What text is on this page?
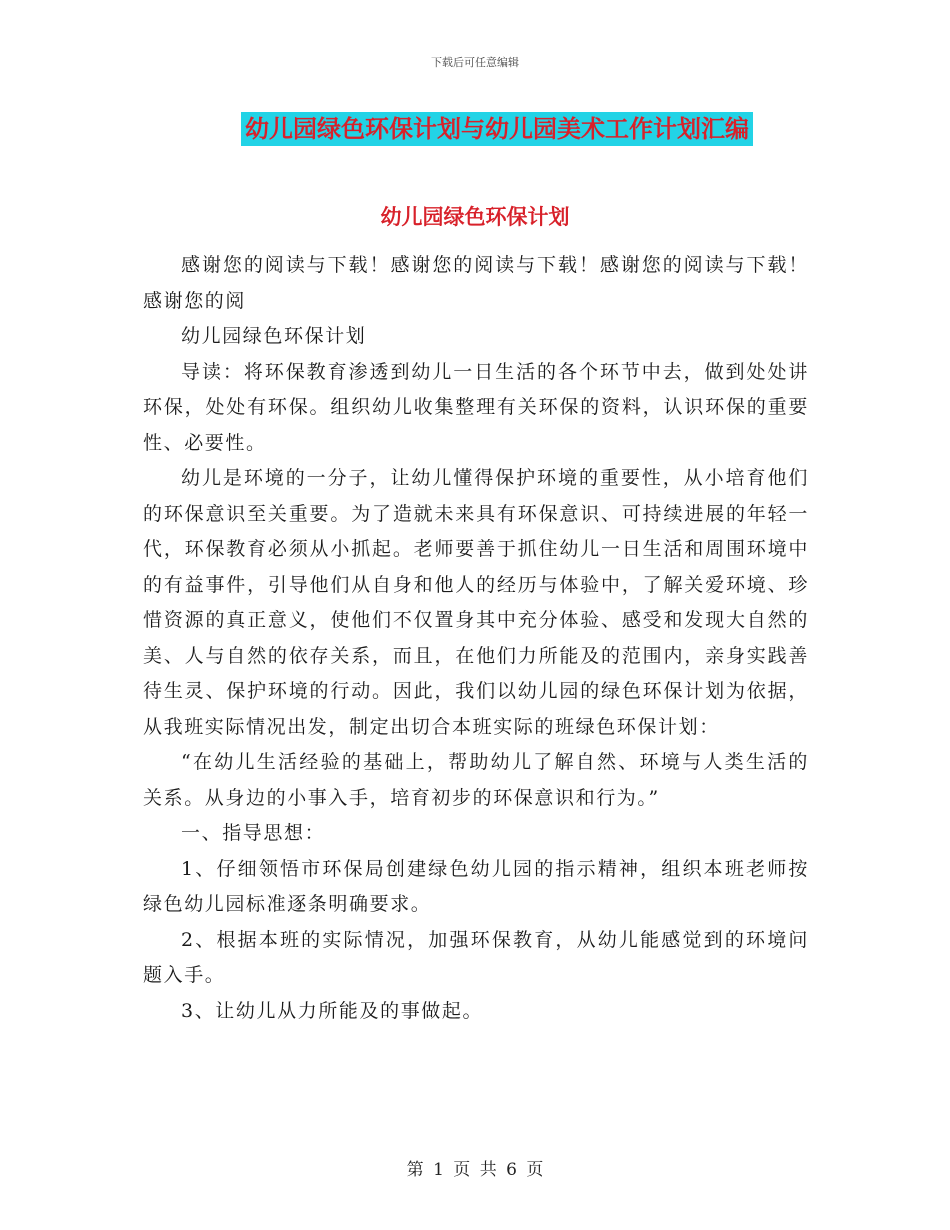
下载后可任意编辑
幼儿园绿色环保计划与幼儿园美术工作计划汇编
幼儿园绿色环保计划

感谢您的阅读与下载！感谢您的阅读与下载！感谢您的阅读与下载！感谢您的阅

幼儿园绿色环保计划

导读：将环保教育渗透到幼儿一日生活的各个环节中去，做到处处讲环保，处处有环保。组织幼儿收集整理有关环保的资料，认识环保的重要性、必要性。

幼儿是环境的一分子，让幼儿懂得保护环境的重要性，从小培育他们的环保意识至关重要。为了造就未来具有环保意识、可持续进展的年轻一代，环保教育必须从小抓起。老师要善于抓住幼儿一日生活和周围环境中的有益事件，引导他们从自身和他人的经历与体验中，了解关爱环境、珍惜资源的真正意义，使他们不仅置身其中充分体验、感受和发现大自然的美、人与自然的依存关系，而且，在他们力所能及的范围内，亲身实践善待生灵、保护环境的行动。因此，我们以幼儿园的绿色环保计划为依据，从我班实际情况出发，制定出切合本班实际的班绿色环保计划：

“在幼儿生活经验的基础上，帮助幼儿了解自然、环境与人类生活的关系。从身边的小事入手，培育初步的环保意识和行为。”

一、指导思想：

1、仔细领悟市环保局创建绿色幼儿园的指示精神，组织本班老师按绿色幼儿园标准逐条明确要求。

2、根据本班的实际情况，加强环保教育，从幼儿能感觉到的环境问题入手。

3、让幼儿从力所能及的事做起。

第 1 页 共 6 页
